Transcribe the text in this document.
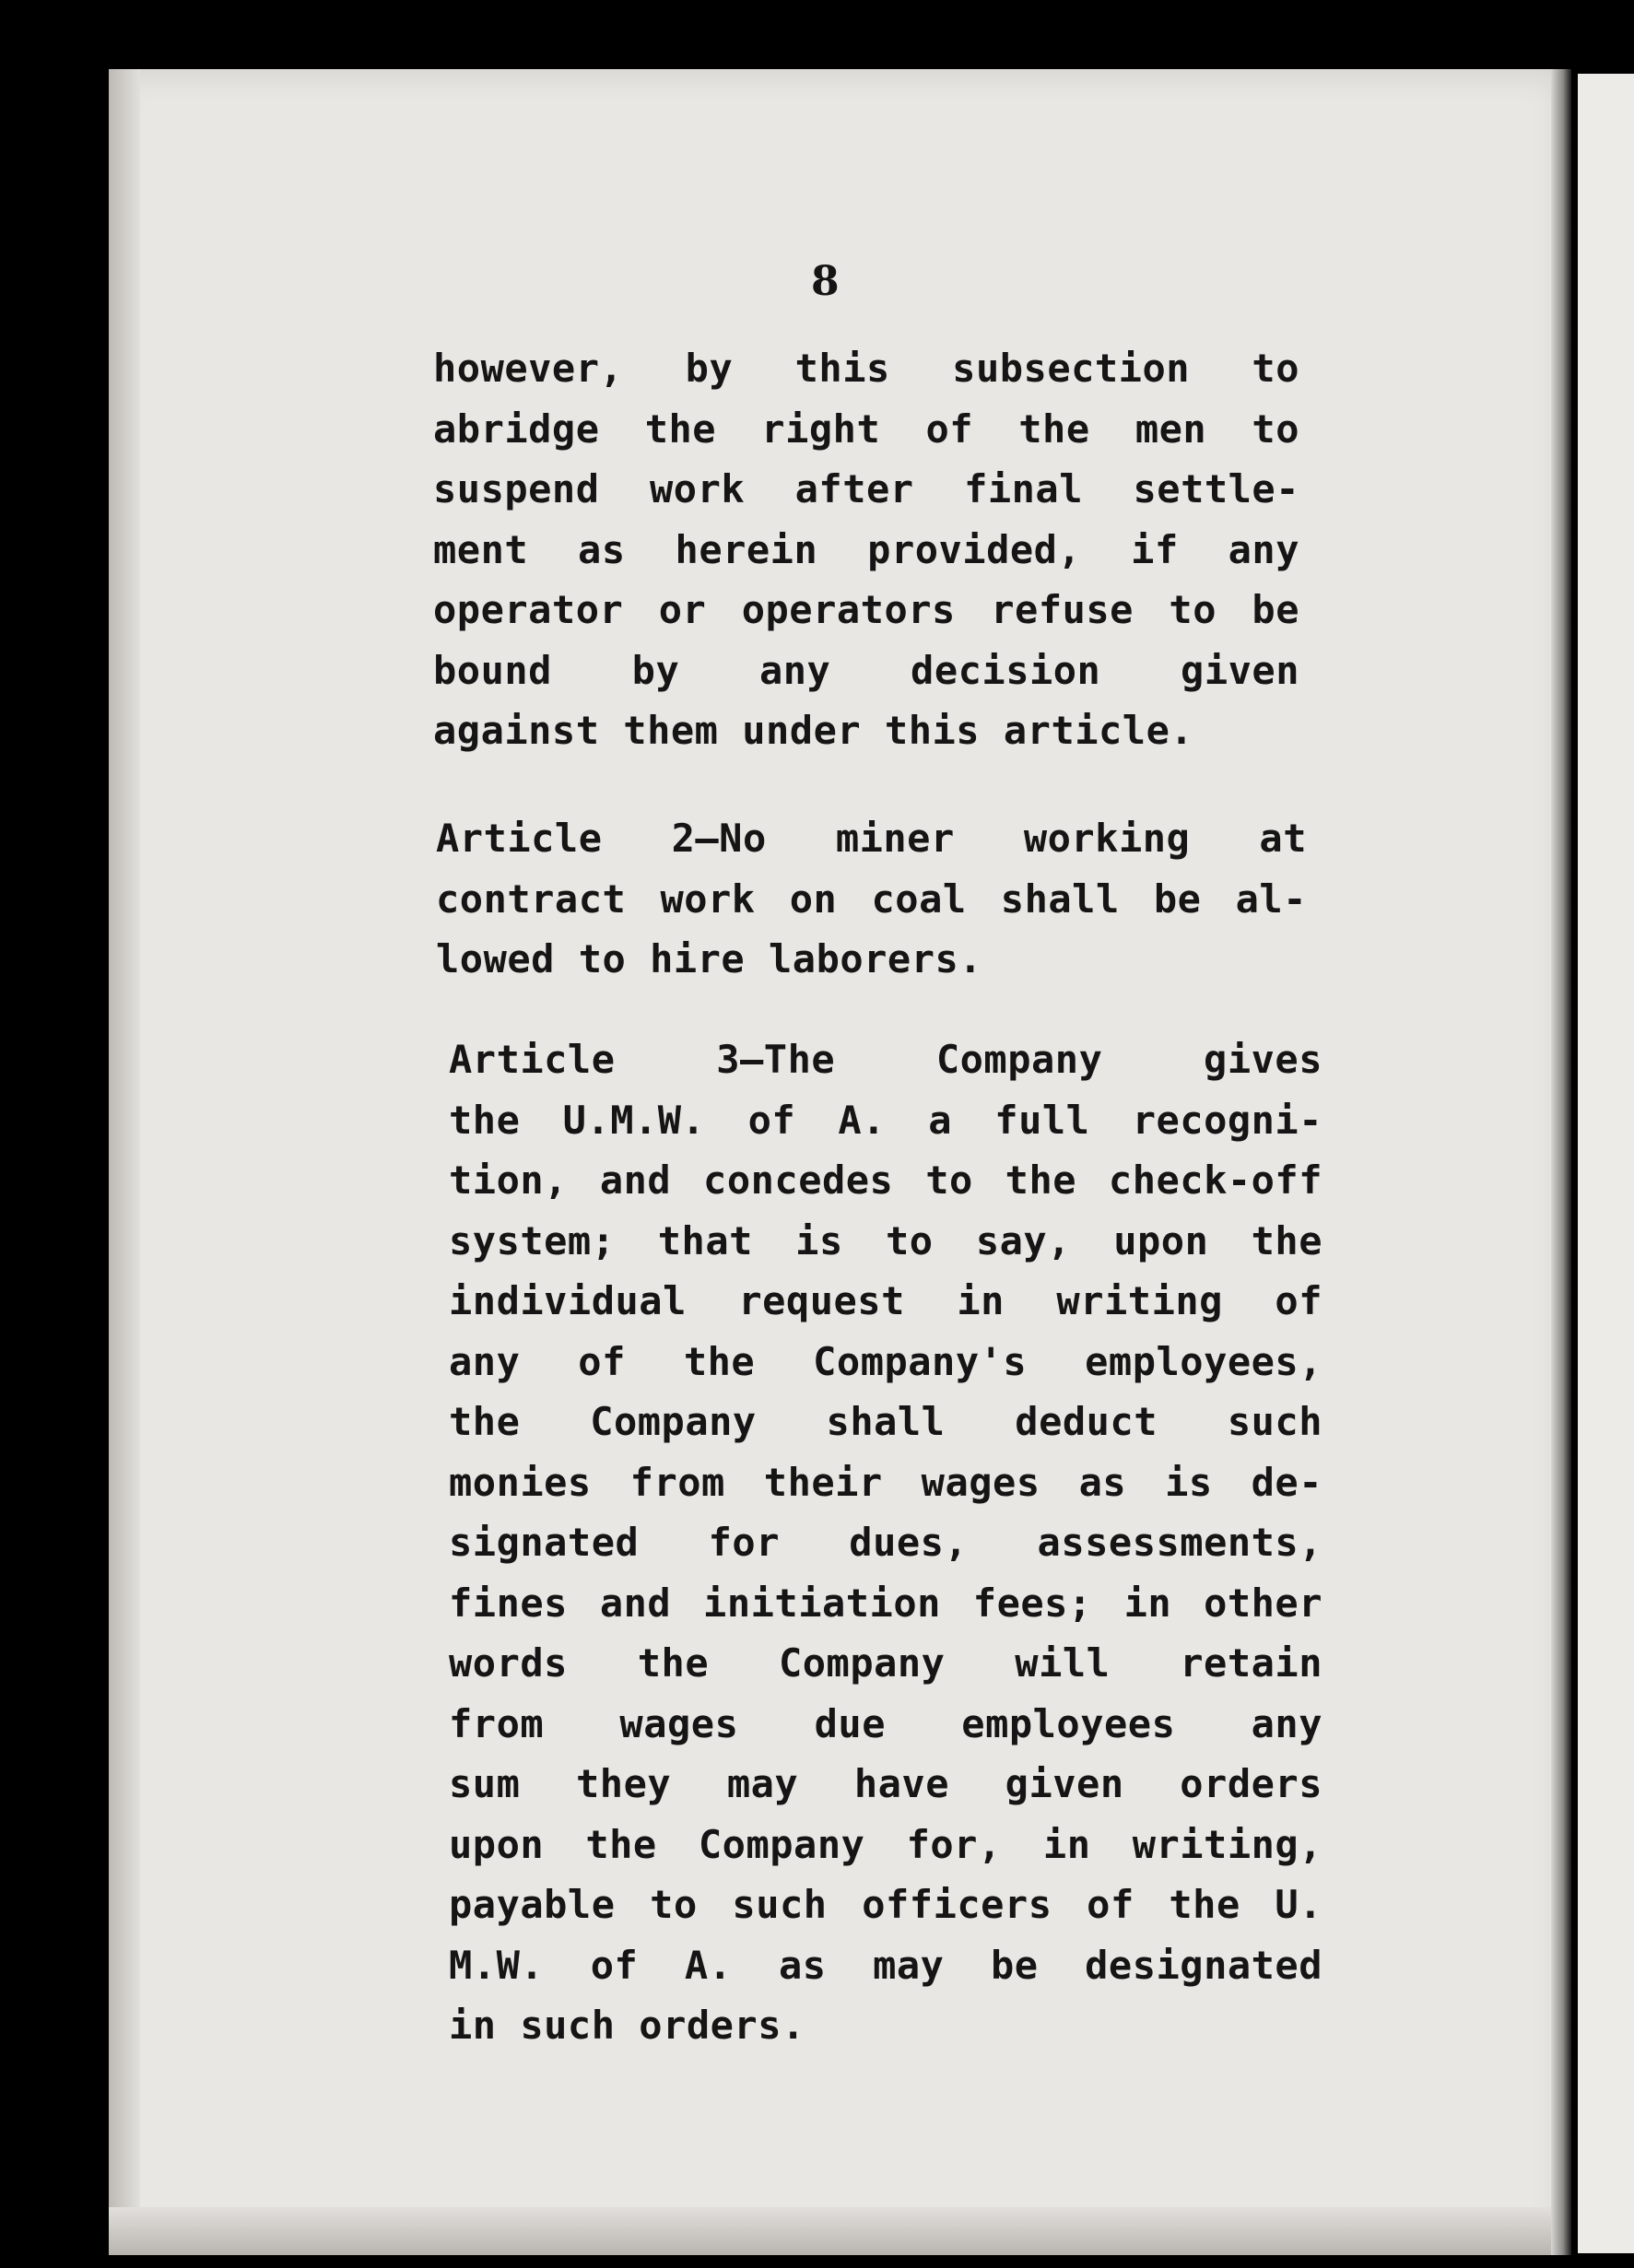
8
however, by this subsection to
abridge the right of the men to
suspend work after final settle-
ment as herein provided, if any
operator or operators refuse to be
bound by any decision given
against them under this article.
Article 2—No miner working at
contract work on coal shall be al-
lowed to hire laborers.
Article 3—The Company gives
the U.M.W. of A. a full recogni-
tion, and concedes to the check-off
system; that is to say, upon the
individual request in writing of
any of the Company's employees,
the Company shall deduct such
monies from their wages as is de-
signated for dues, assessments,
fines and initiation fees; in other
words the Company will retain
from wages due employees any
sum they may have given orders
upon the Company for, in writing,
payable to such officers of the U.
M.W. of A. as may be designated
in such orders.
